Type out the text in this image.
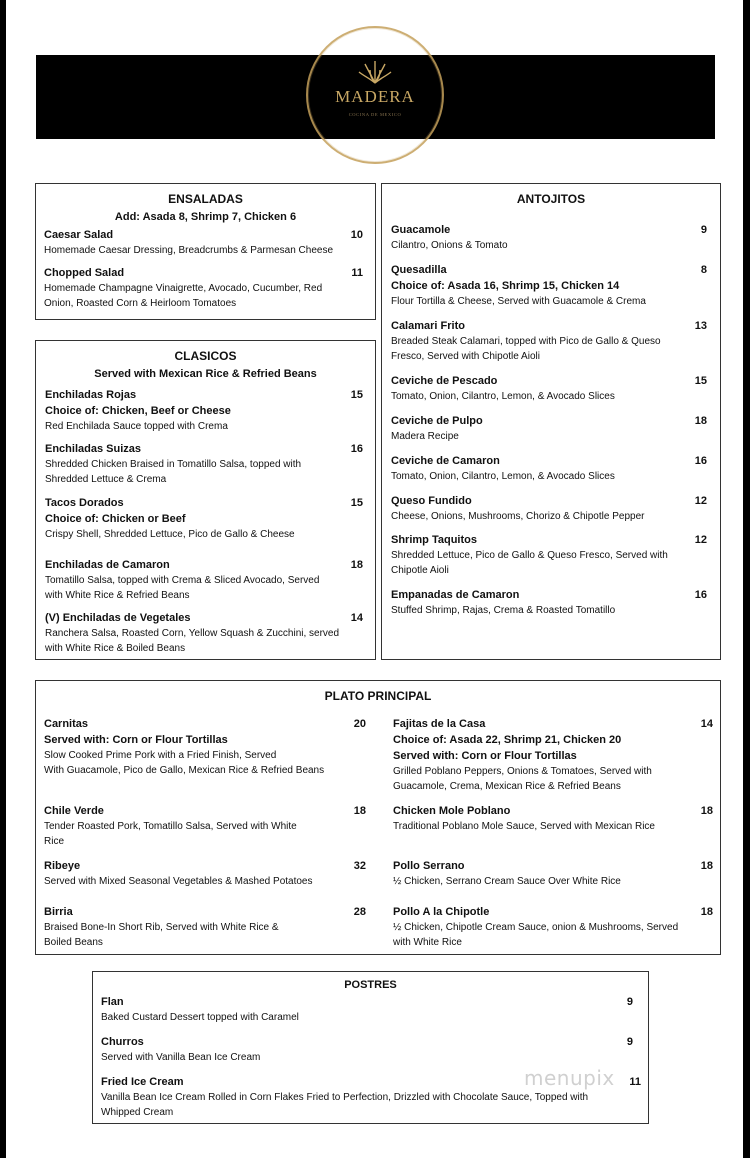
MADERA
COCINA DE MEXICO
ENSALADAS
Add: Asada 8, Shrimp 7, Chicken 6
Caesar Salad
Homemade Caesar Dressing, Breadcrumbs & Parmesan Cheese
10
Chopped Salad
Homemade Champagne Vinaigrette, Avocado, Cucumber, Red
Onion, Roasted Corn & Heirloom Tomatoes
11
CLASICOS
Served with Mexican Rice & Refried Beans
Enchiladas Rojas
Choice of: Chicken, Beef or Cheese
Red Enchilada Sauce topped with Crema
15
Enchiladas Suizas
Shredded Chicken Braised in Tomatillo Salsa, topped with
Shredded Lettuce & Crema
16
Tacos Dorados
Choice of: Chicken or Beef
Crispy Shell, Shredded Lettuce, Pico de Gallo & Cheese
15
Enchiladas de Camaron
Tomatillo Salsa, topped with Crema & Sliced Avocado, Served
with White Rice & Refried Beans
18
(V) Enchiladas de Vegetales
Ranchera Salsa, Roasted Corn, Yellow Squash & Zucchini, served
with White Rice & Boiled Beans
14
ANTOJITOS
Guacamole
Cilantro, Onions & Tomato
9
Quesadilla
Choice of: Asada 16, Shrimp 15, Chicken 14
Flour Tortilla & Cheese, Served with Guacamole & Crema
8
Calamari Frito
Breaded Steak Calamari, topped with Pico de Gallo & Queso
Fresco, Served with Chipotle Aioli
13
Ceviche de Pescado
Tomato, Onion, Cilantro, Lemon, & Avocado Slices
15
Ceviche de Pulpo
Madera Recipe
18
Ceviche de Camaron
Tomato, Onion, Cilantro, Lemon, & Avocado Slices
16
Queso Fundido
Cheese, Onions, Mushrooms, Chorizo & Chipotle Pepper
12
Shrimp Taquitos
Shredded Lettuce, Pico de Gallo & Queso Fresco, Served with
Chipotle Aioli
12
Empanadas de Camaron
Stuffed Shrimp, Rajas, Crema & Roasted Tomatillo
16
PLATO PRINCIPAL
Carnitas
Served with: Corn or Flour Tortillas
Slow Cooked Prime Pork with a Fried Finish, Served
With Guacamole, Pico de Gallo, Mexican Rice & Refried Beans
20
Chile Verde
Tender Roasted Pork, Tomatillo Salsa, Served with White
Rice
18
Ribeye
Served with Mixed Seasonal Vegetables & Mashed Potatoes
32
Birria
Braised Bone-In Short Rib, Served with White Rice &
Boiled Beans
28
Fajitas de la Casa
Choice of: Asada 22, Shrimp 21, Chicken 20
Served with: Corn or Flour Tortillas
Grilled Poblano Peppers, Onions & Tomatoes, Served with
Guacamole, Crema, Mexican Rice & Refried Beans
14
Chicken Mole Poblano
Traditional Poblano Mole Sauce, Served with Mexican Rice
18
Pollo Serrano
½ Chicken, Serrano Cream Sauce Over White Rice
18
Pollo A la Chipotle
½ Chicken, Chipotle Cream Sauce, onion & Mushrooms, Served
with White Rice
18
POSTRES
Flan
Baked Custard Dessert topped with Caramel
9
Churros
Served with Vanilla Bean Ice Cream
9
Fried Ice Cream
Vanilla Bean Ice Cream Rolled in Corn Flakes Fried to Perfection, Drizzled with Chocolate Sauce, Topped with
Whipped Cream
11
menupix
